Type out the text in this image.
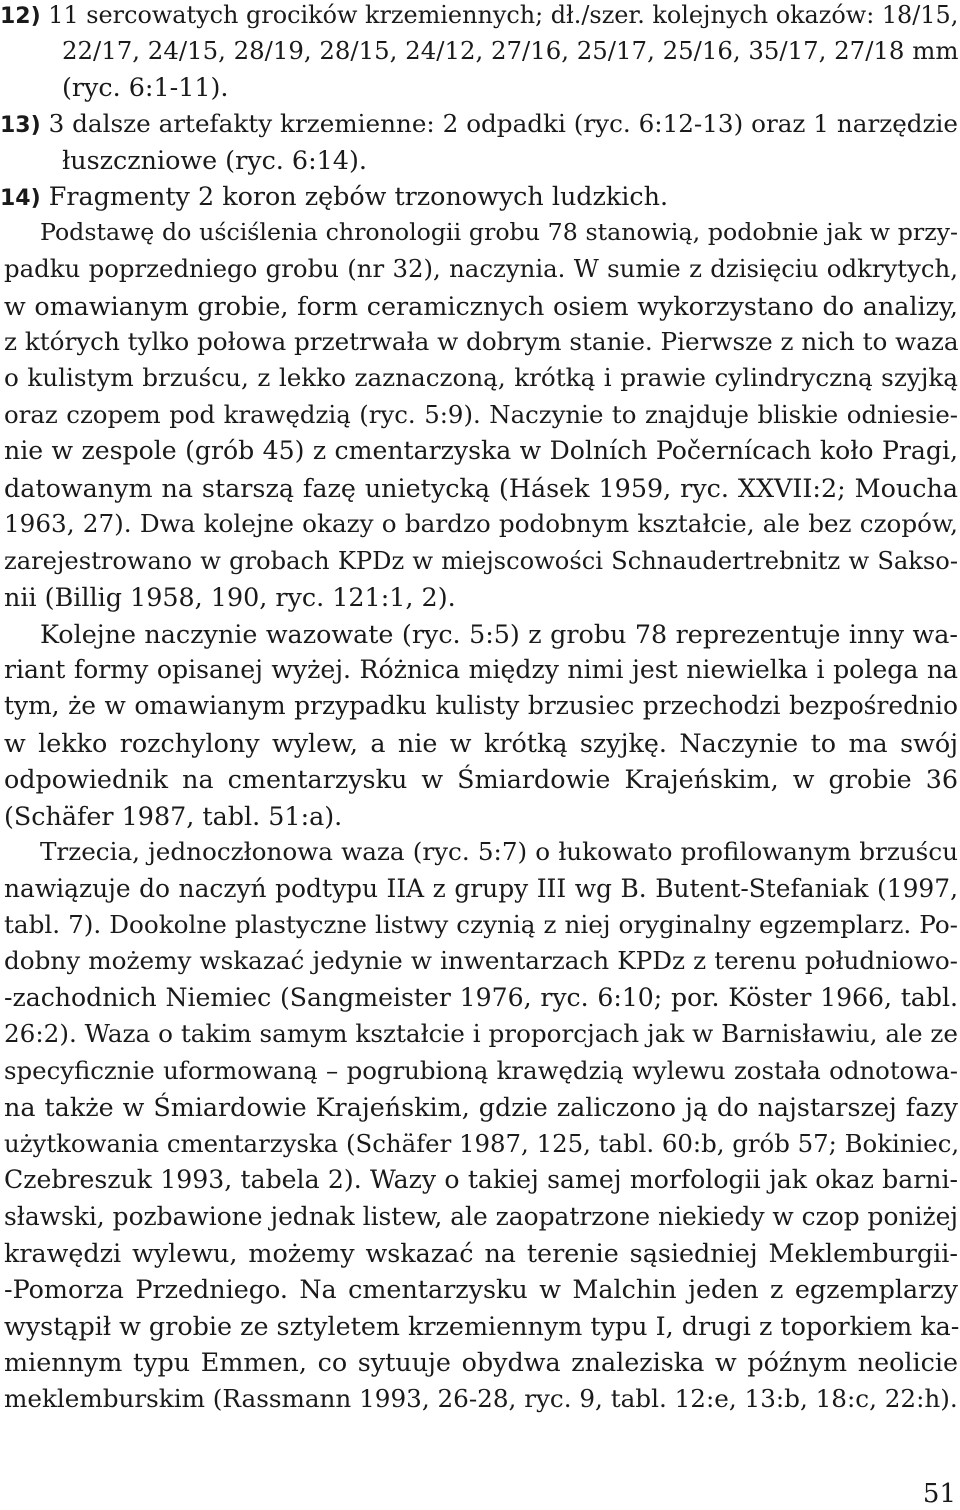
12) 11 sercowatych grocików krzemiennych; dł./szer. kolejnych okazów: 18/15,
22/17, 24/15, 28/19, 28/15, 24/12, 27/16, 25/17, 25/16, 35/17, 27/18 mm
(ryc. 6:1-11).
13) 3 dalsze artefakty krzemienne: 2 odpadki (ryc. 6:12-13) oraz 1 narzędzie
łuszczniowe (ryc. 6:14).
14) Fragmenty 2 koron zębów trzonowych ludzkich.
Podstawę do uściślenia chronologii grobu 78 stanowią, podobnie jak w przy-
padku poprzedniego grobu (nr 32), naczynia. W sumie z dzisięciu odkrytych,
w omawianym grobie, form ceramicznych osiem wykorzystano do analizy,
z których tylko połowa przetrwała w dobrym stanie. Pierwsze z nich to waza
o kulistym brzuścu, z lekko zaznaczoną, krótką i prawie cylindryczną szyjką
oraz czopem pod krawędzią (ryc. 5:9). Naczynie to znajduje bliskie odniesie-
nie w zespole (grób 45) z cmentarzyska w Dolních Počernícach koło Pragi,
datowanym na starszą fazę unietycką (Hásek 1959, ryc. XXVII:2; Moucha
1963, 27). Dwa kolejne okazy o bardzo podobnym kształcie, ale bez czopów,
zarejestrowano w grobach KPDz w miejscowości Schnaudertrebnitz w Sakso-
nii (Billig 1958, 190, ryc. 121:1, 2).
Kolejne naczynie wazowate (ryc. 5:5) z grobu 78 reprezentuje inny wa-
riant formy opisanej wyżej. Różnica między nimi jest niewielka i polega na
tym, że w omawianym przypadku kulisty brzusiec przechodzi bezpośrednio
w lekko rozchylony wylew, a nie w krótką szyjkę. Naczynie to ma swój
odpowiednik na cmentarzysku w Śmiardowie Krajeńskim, w grobie 36
(Schäfer 1987, tabl. 51:a).
Trzecia, jednoczłonowa waza (ryc. 5:7) o łukowato profilowanym brzuścu
nawiązuje do naczyń podtypu IIA z grupy III wg B. Butent-Stefaniak (1997,
tabl. 7). Dookolne plastyczne listwy czynią z niej oryginalny egzemplarz. Po-
dobny możemy wskazać jedynie w inwentarzach KPDz z terenu południowo-
-zachodnich Niemiec (Sangmeister 1976, ryc. 6:10; por. Köster 1966, tabl.
26:2). Waza o takim samym kształcie i proporcjach jak w Barnisławiu, ale ze
specyficznie uformowaną – pogrubioną krawędzią wylewu została odnotowa-
na także w Śmiardowie Krajeńskim, gdzie zaliczono ją do najstarszej fazy
użytkowania cmentarzyska (Schäfer 1987, 125, tabl. 60:b, grób 57; Bokiniec,
Czebreszuk 1993, tabela 2). Wazy o takiej samej morfologii jak okaz barni-
sławski, pozbawione jednak listew, ale zaopatrzone niekiedy w czop poniżej
krawędzi wylewu, możemy wskazać na terenie sąsiedniej Meklemburgii-
-Pomorza Przedniego. Na cmentarzysku w Malchin jeden z egzemplarzy
wystąpił w grobie ze sztyletem krzemiennym typu I, drugi z toporkiem ka-
miennym typu Emmen, co sytuuje obydwa znaleziska w późnym neolicie
meklemburskim (Rassmann 1993, 26-28, ryc. 9, tabl. 12:e, 13:b, 18:c, 22:h).
51
